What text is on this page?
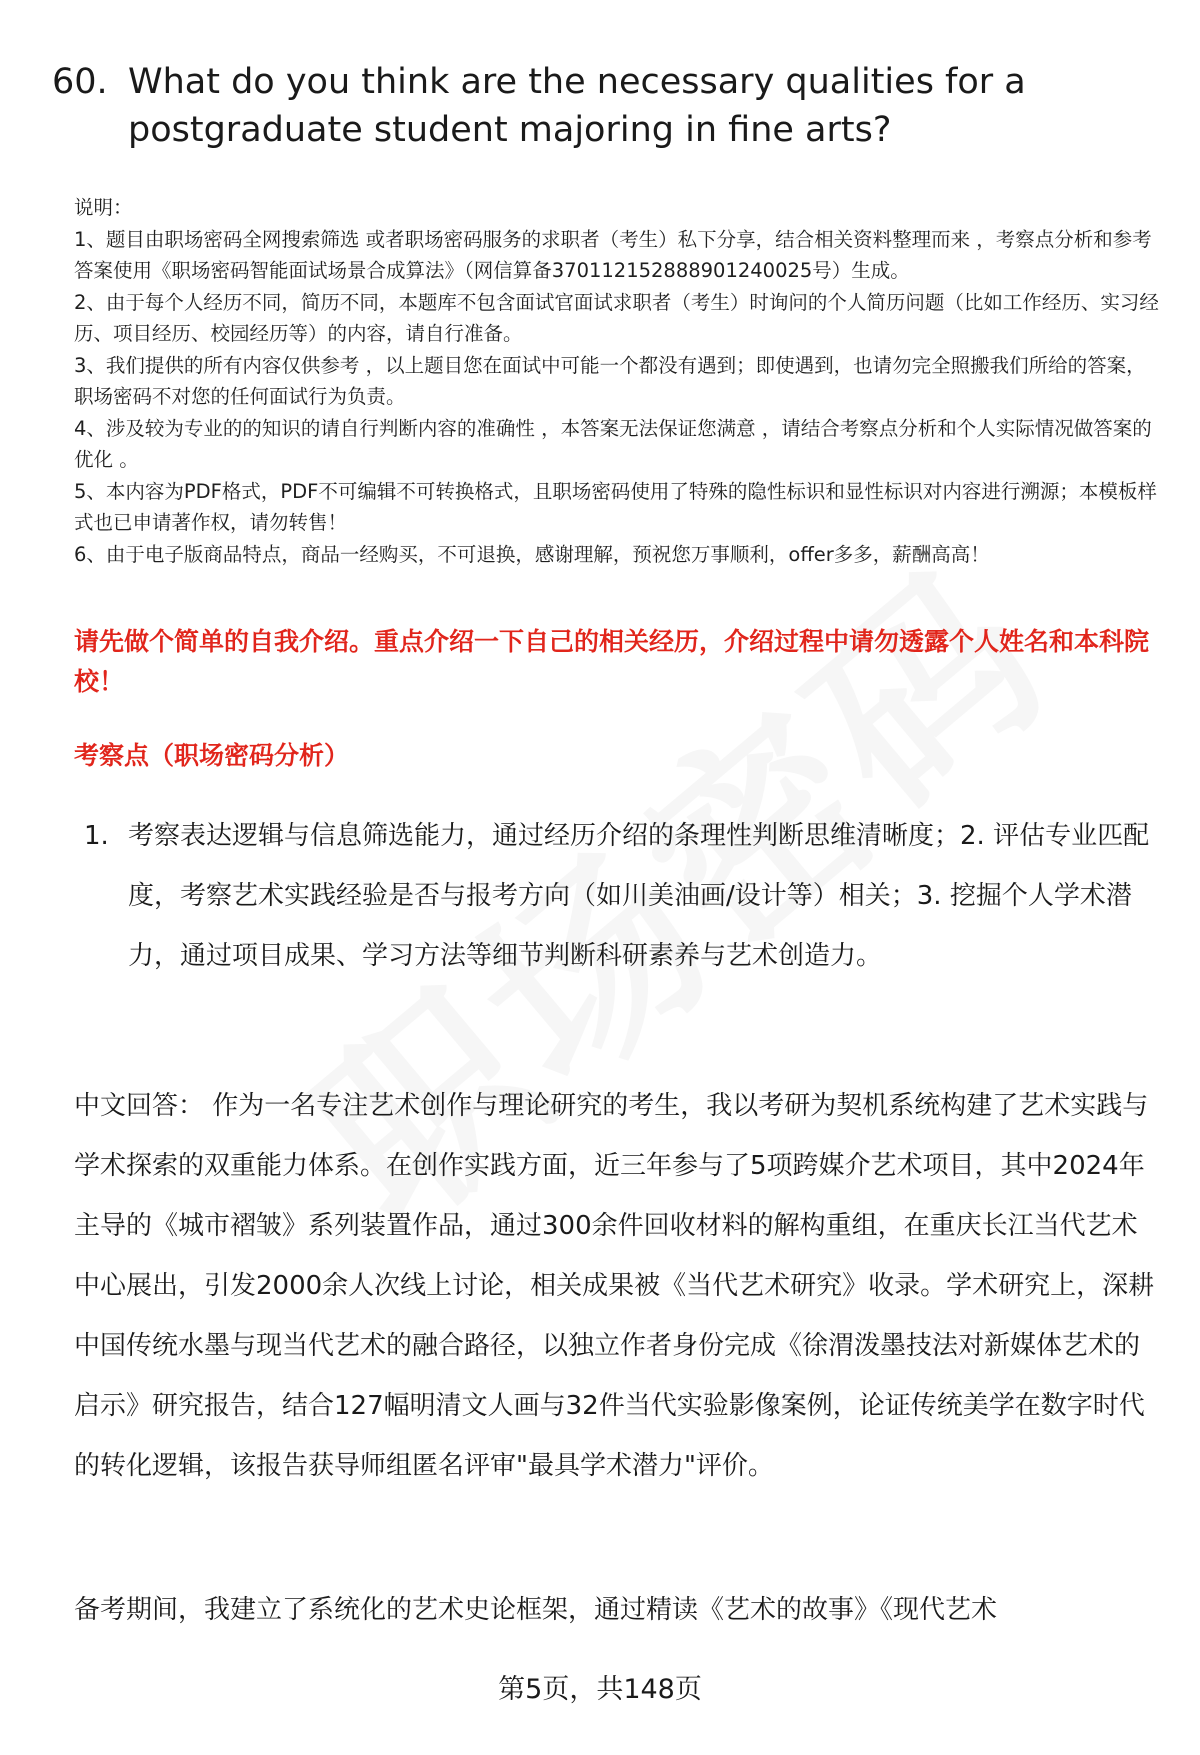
60. What do you think are the necessary qualities for a postgraduate student majoring in fine arts?

说明：

1、题目由职场密码全网搜索筛选 或者职场密码服务的求职者（考生）私下分享，结合相关资料整理而来 ，考察点分析和参考答案使用《职场密码智能面试场景合成算法》（网信算备370112152888901240025号）生成。

2、由于每个人经历不同，简历不同，本题库不包含面试官面试求职者（考生）时询问的个人简历问题（比如工作经历、实习经历、项目经历、校园经历等）的内容，请自行准备。

3、我们提供的所有内容仅供参考 ，以上题目您在面试中可能一个都没有遇到；即使遇到，也请勿完全照搬我们所给的答案，职场密码不对您的任何面试行为负责。

4、涉及较为专业的的知识的请自行判断内容的准确性 ，本答案无法保证您满意 ，请结合考察点分析和个人实际情况做答案的优化 。

5、本内容为PDF格式，PDF不可编辑不可转换格式，且职场密码使用了特殊的隐性标识和显性标识对内容进行溯源；本模板样式也已申请著作权，请勿转售！

6、由于电子版商品特点，商品一经购买，不可退换，感谢理解，预祝您万事顺利，offer多多，薪酬高高！

请先做个简单的自我介绍。重点介绍一下自己的相关经历，介绍过程中请勿透露个人姓名和本科院校！

考察点（职场密码分析）

1. 考察表达逻辑与信息筛选能力，通过经历介绍的条理性判断思维清晰度；2. 评估专业匹配度，考察艺术实践经验是否与报考方向（如川美油画/设计等）相关；3. 挖掘个人学术潜力，通过项目成果、学习方法等细节判断科研素养与艺术创造力。

中文回答： 作为一名专注艺术创作与理论研究的考生，我以考研为契机系统构建了艺术实践与学术探索的双重能力体系。在创作实践方面，近三年参与了5项跨媒介艺术项目，其中2024年主导的《城市褶皱》系列装置作品，通过300余件回收材料的解构重组，在重庆长江当代艺术中心展出，引发2000余人次线上讨论，相关成果被《当代艺术研究》收录。学术研究上，深耕中国传统水墨与现当代艺术的融合路径，以独立作者身份完成《徐渭泼墨技法对新媒体艺术的启示》研究报告，结合127幅明清文人画与32件当代实验影像案例，论证传统美学在数字时代的转化逻辑，该报告获导师组匿名评审"最具学术潜力"评价。

备考期间，我建立了系统化的艺术史论框架，通过精读《艺术的故事》《现代艺术

第5页，共148页
